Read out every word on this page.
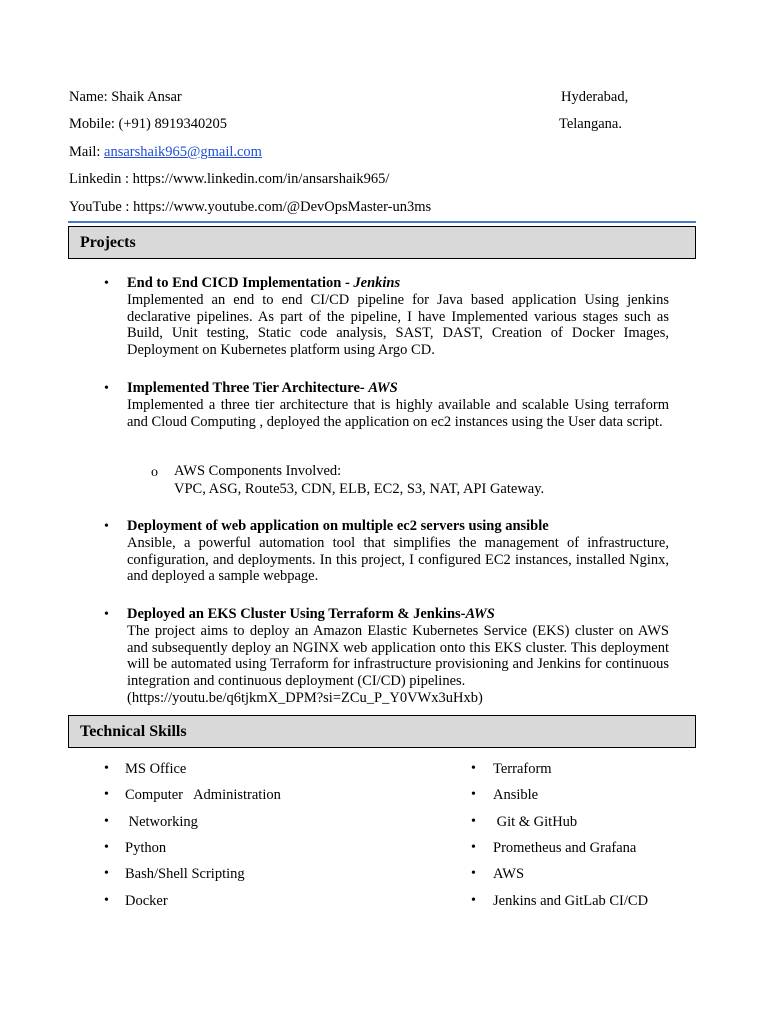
Name: Shaik Ansar	Hyderabad,
Mobile: (+91) 8919340205	Telangana.
Mail: ansarshaik965@gmail.com
Linkedin : https://www.linkedin.com/in/ansarshaik965/
YouTube : https://www.youtube.com/@DevOpsMaster-un3ms
Projects
• End to End CICD Implementation - Jenkins
Implemented an end to end CI/CD pipeline for Java based application Using jenkins declarative pipelines. As part of the pipeline, I have Implemented various stages such as Build, Unit testing, Static code analysis, SAST, DAST, Creation of Docker Images, Deployment on Kubernetes platform using Argo CD.
• Implemented Three Tier Architecture- AWS
Implemented a three tier architecture that is highly available and scalable Using terraform and Cloud Computing , deployed the application on ec2 instances using the User data script.
o AWS Components Involved:
VPC, ASG, Route53, CDN, ELB, EC2, S3, NAT, API Gateway.
• Deployment of web application on multiple ec2 servers using ansible
Ansible, a powerful automation tool that simplifies the management of infrastructure, configuration, and deployments. In this project, I configured EC2 instances, installed Nginx, and deployed a sample webpage.
• Deployed an EKS Cluster Using Terraform & Jenkins-AWS
The project aims to deploy an Amazon Elastic Kubernetes Service (EKS) cluster on AWS and subsequently deploy an NGINX web application onto this EKS cluster. This deployment will be automated using Terraform for infrastructure provisioning and Jenkins for continuous integration and continuous deployment (CI/CD) pipelines.
(https://youtu.be/q6tjkmX_DPM?si=ZCu_P_Y0VWx3uHxb)
Technical Skills
• MS Office
• Computer   Administration
• Networking
• Python
• Bash/Shell Scripting
• Docker
• Terraform
• Ansible
• Git & GitHub
• Prometheus and Grafana
• AWS
• Jenkins and GitLab CI/CD
